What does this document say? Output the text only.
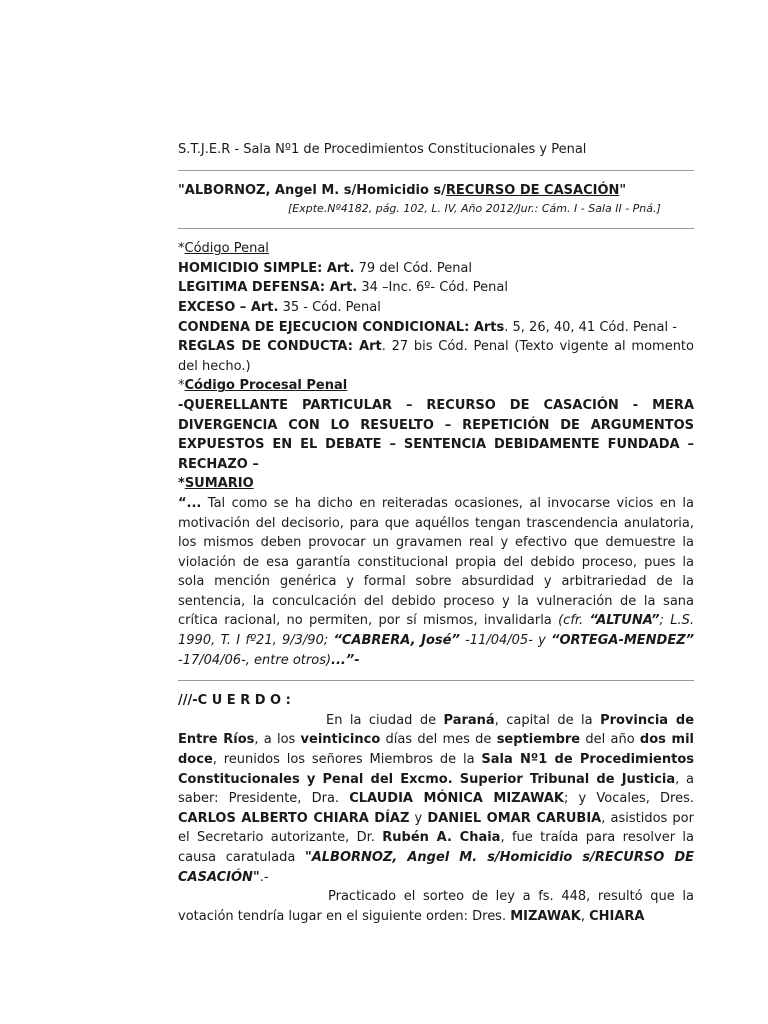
S.T.J.E.R - Sala Nº1 de Procedimientos Constitucionales y Penal

"ALBORNOZ, Angel M. s/Homicidio s/RECURSO DE CASACIÓN"

[Expte.Nº4182, pág. 102, L. IV, Año 2012/Jur.: Cám. I - Sala II - Pná.]

*Código Penal

HOMICIDIO SIMPLE: Art. 79 del Cód. Penal

LEGITIMA DEFENSA: Art. 34 –Inc. 6º- Cód. Penal

EXCESO – Art. 35 - Cód. Penal

CONDENA DE EJECUCION CONDICIONAL: Arts. 5, 26, 40, 41 Cód. Penal -

REGLAS DE CONDUCTA: Art. 27 bis Cód. Penal (Texto vigente al momento del hecho.)

*Código Procesal Penal

-QUERELLANTE PARTICULAR – RECURSO DE CASACIÓN - MERA DIVERGENCIA CON LO RESUELTO – REPETICIÓN DE ARGUMENTOS EXPUESTOS EN EL DEBATE – SENTENCIA DEBIDAMENTE FUNDADA – RECHAZO –

*SUMARIO

“... Tal como se ha dicho en reiteradas ocasiones, al invocarse vicios en la motivación del decisorio, para que aquéllos tengan trascendencia anulatoria, los mismos deben provocar un gravamen real y efectivo que demuestre la violación de esa garantía constitucional propia del debido proceso, pues la sola mención genérica y formal sobre absurdidad y arbitrariedad de la sentencia, la conculcación del debido proceso y la vulneración de la sana crítica racional, no permiten, por sí mismos, invalidarla (cfr. “ALTUNA”; L.S. 1990, T. I fº21, 9/3/90; “CABRERA, José” -11/04/05- y “ORTEGA-MENDEZ” -17/04/06-, entre otros)...”-

///-C U E R D O :

En la ciudad de Paraná, capital de la Provincia de Entre Ríos, a los veinticinco días del mes de septiembre del año dos mil doce, reunidos los señores Miembros de la Sala Nº1 de Procedimientos Constitucionales y Penal del Excmo. Superior Tribunal de Justicia, a saber: Presidente, Dra. CLAUDIA MÓNICA MIZAWAK; y Vocales, Dres. CARLOS ALBERTO CHIARA DÍAZ y DANIEL OMAR CARUBIA, asistidos por el Secretario autorizante, Dr. Rubén A. Chaia, fue traída para resolver la causa caratulada "ALBORNOZ, Angel M. s/Homicidio s/RECURSO DE CASACIÓN".-

Practicado el sorteo de ley a fs. 448, resultó que la votación tendría lugar en el siguiente orden: Dres. MIZAWAK, CHIARA
